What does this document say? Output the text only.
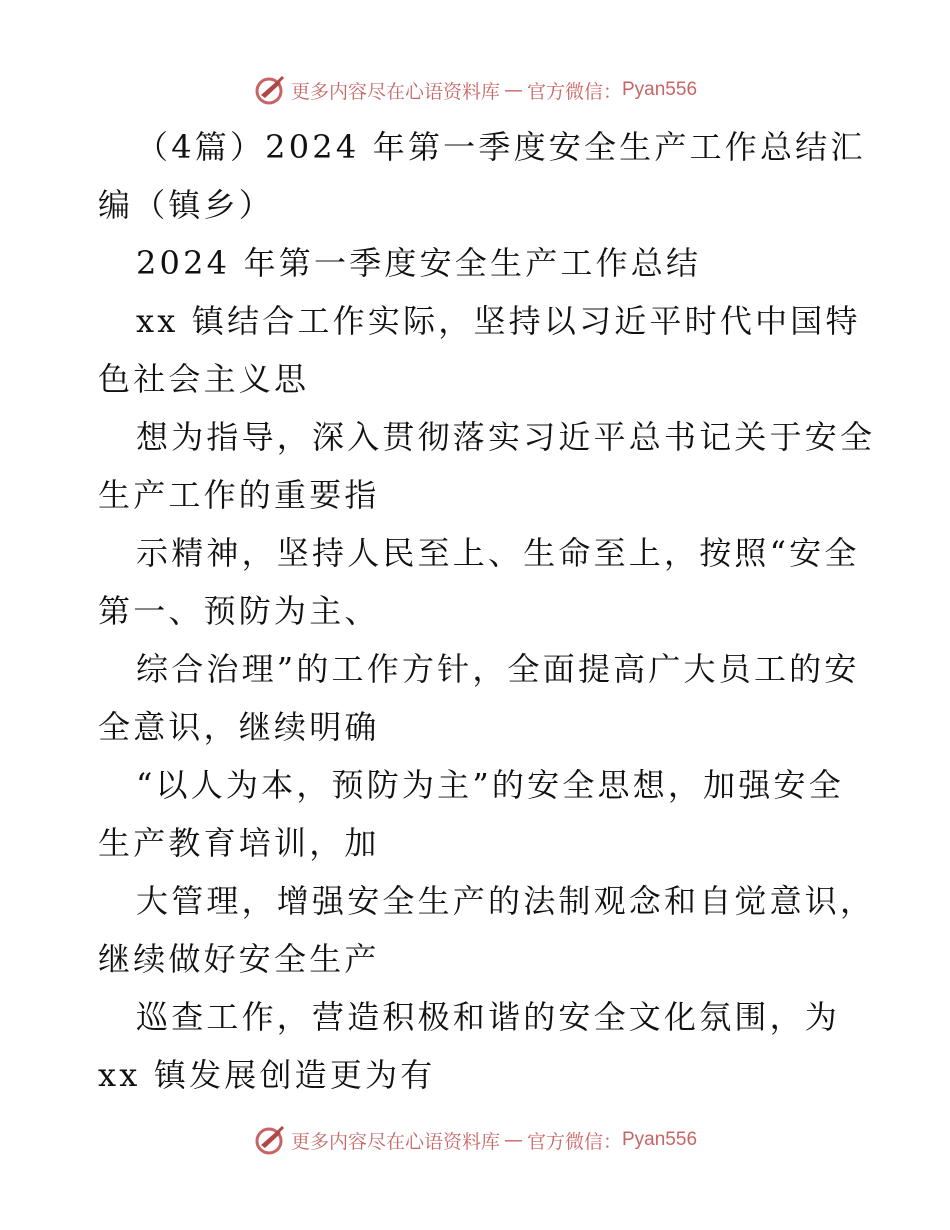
更多内容尽在心语资料库 — 官方微信： Pyan556
（4篇）2024 年第一季度安全生产工作总结汇
编（镇乡）
2024 年第一季度安全生产工作总结
xx 镇结合工作实际，坚持以习近平时代中国特
色社会主义思
想为指导，深入贯彻落实习近平总书记关于安全
生产工作的重要指
示精神，坚持人民至上、生命至上，按照“安全
第一、预防为主、
综合治理”的工作方针，全面提高广大员工的安
全意识，继续明确
“以人为本，预防为主”的安全思想，加强安全
生产教育培训，加
大管理，增强安全生产的法制观念和自觉意识，
继续做好安全生产
巡查工作，营造积极和谐的安全文化氛围，为
xx 镇发展创造更为有
更多内容尽在心语资料库 — 官方微信： Pyan556
